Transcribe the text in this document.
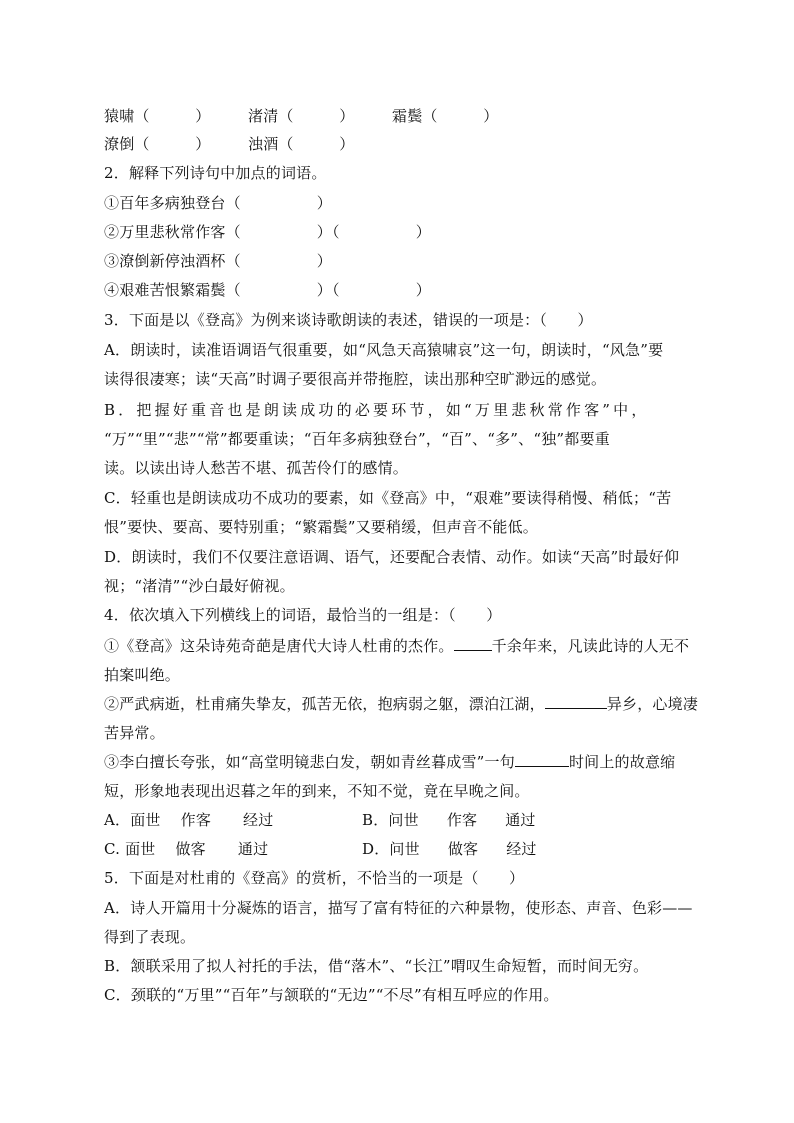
猿啸（　　　）	渚清（　　　）	霜鬓（　　　）
潦倒（　　　）	浊酒（　　　）
2．解释下列诗句中加点的词语。
①百年多病独登台（　　　　　）
②万里悲秋常作客（　　　　　）（　　　　　）
③潦倒新停浊酒杯（　　　　　）
④艰难苦恨繁霜鬓（　　　　　）（　　　　　）
3．下面是以《登高》为例来谈诗歌朗读的表述，错误的一项是：（　　）
A．朗读时，读准语调语气很重要，如“风急天高猿啸哀”这一句，朗读时，“风急”要
读得很凄寒；读“天高”时调子要很高并带拖腔，读出那种空旷渺远的感觉。
B．把握好重音也是朗读成功的必要环节，如“万里悲秋常作客”中，
“万”“里”“悲”“常”都要重读；“百年多病独登台”，“百”、“多”、“独”都要重
读。以读出诗人愁苦不堪、孤苦伶仃的感情。
C．轻重也是朗读成功不成功的要素，如《登高》中，“艰难”要读得稍慢、稍低；“苦
恨”要快、要高、要特别重；“繁霜鬓”又要稍缓，但声音不能低。
D．朗读时，我们不仅要注意语调、语气，还要配合表情、动作。如读“天高”时最好仰
视；“渚清”“沙白最好俯视。
4．依次填入下列横线上的词语，最恰当的一组是：（　　）
①《登高》这朵诗苑奇葩是唐代大诗人杜甫的杰作。	千余年来，凡读此诗的人无不
拍案叫绝。
②严武病逝，杜甫痛失挚友，孤苦无依，抱病弱之躯，漂泊江湖，	异乡，心境凄
苦异常。
③李白擅长夸张，如“高堂明镜悲白发，朝如青丝暮成雪”一句	时间上的故意缩
短，形象地表现出迟暮之年的到来，不知不觉，竟在早晚之间。
A．面世 作客 经过	B．问世 作客 通过
C. 面世 做客 通过	D．问世 做客 经过
5．下面是对杜甫的《登高》的赏析，不恰当的一项是（　　）
A．诗人开篇用十分凝炼的语言，描写了富有特征的六种景物，使形态、声音、色彩——
得到了表现。
B．颔联采用了拟人衬托的手法，借“落木”、“长江”喟叹生命短暂，而时间无穷。
C．颈联的“万里”“百年”与颔联的“无边”“不尽”有相互呼应的作用。
